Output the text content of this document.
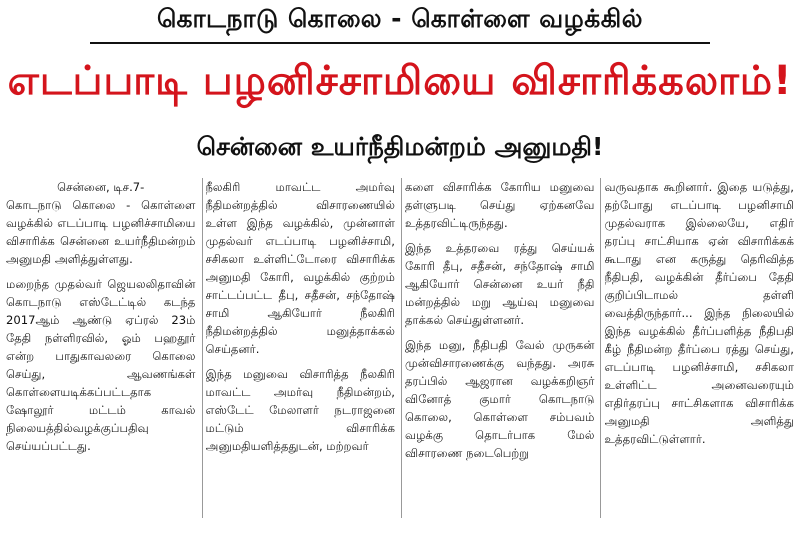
கொடநாடு கொலை - கொள்ளை வழக்கில்
எடப்பாடி பழனிச்சாமியை விசாரிக்கலாம்!
சென்னை உயர்நீதிமன்றம் அனுமதி!

சென்னை, டிச.7-
கொடநாடு கொலை - கொள்ளை வழக்கில் எடப்பாடி பழனிச்சாமியை விசாரிக்க சென்னை உயர்நீதிமன்றம் அனுமதி அளித்துள்ளது.

மறைந்த முதல்வர் ஜெயலலிதாவின் கொடநாடு எஸ்டேட்டில் கடந்த 2017ஆம் ஆண்டு ஏப்ரல் 23ம் தேதி நள்ளிரவில், ஓம் பஹதூர் என்ற பாதுகாவலரை கொலை செய்து, ஆவணங்கள் கொள்ளையடிக்கப்பட்டதாக ஷோலூர் மட்டம் காவல் நிலையத்தில்வழக்குப்பதிவு செய்யப்பட்டது.

நீலகிரி மாவட்ட அமர்வு நீதிமன்றத்தில் விசாரணையில் உள்ள இந்த வழக்கில், முன்னாள் முதல்வர் எடப்பாடி பழனிச்சாமி, சசிகலா உள்ளிட்டோரை விசாரிக்க அனுமதி கோரி, வழக்கில் குற்றம் சாட்டப்பட்ட தீபு, சதீசன், சந்தோஷ் சாமி ஆகியோர் நீலகிரி நீதிமன்றத்தில் மனுத்தாக்கல் செய்தனர்.

இந்த மனுவை விசாரித்த நீலகிரி மாவட்ட அமர்வு நீதிமன்றம், எஸ்டேட் மேலாளர் நடராஜனை மட்டும் விசாரிக்க அனுமதியளித்ததுடன், மற்றவர்

களை விசாரிக்க கோரிய மனுவை தள்ளுபடி செய்து ஏற்கனவே உத்தரவிட்டிருந்தது.

இந்த உத்தரவை ரத்து செய்யக் கோரி தீபு, சதீசன், சந்தோஷ் சாமி ஆகியோர் சென்னை உயர் நீதி மன்றத்தில் மறு ஆய்வு மனுவை தாக்கல் செய்துள்ளனர்.

இந்த மனு, நீதிபதி வேல் முருகன் முன்விசாரணைக்கு வந்தது. அரசு தரப்பில் ஆஜரான வழக்கறிஞர் வினோத் குமார் கொடநாடு கொலை, கொள்ளை சம்பவம் வழக்கு தொடர்பாக மேல் விசாரணை நடைபெற்று

வருவதாக கூறினார். இதை யடுத்து, தற்போது எடப்பாடி பழனிசாமி முதல்வராக இல்லையே, எதிர் தரப்பு சாட்சியாக ஏன் விசாரிக்கக் கூடாது என கருத்து தெரிவித்த நீதிபதி, வழக்கின் தீர்ப்பை தேதி குறிப்பிடாமல் தள்ளி வைத்திருந்தார்... இந்த நிலையில் இந்த வழக்கில் தீர்ப்பளித்த நீதிபதி கீழ் நீதிமன்ற தீர்ப்பை ரத்து செய்து, எடப்பாடி பழனிச்சாமி, சசிகலா உள்ளிட்ட அனைவரையும் எதிர்தரப்பு சாட்சிகளாக விசாரிக்க அனுமதி அளித்து உத்தரவிட்டுள்ளார்.
